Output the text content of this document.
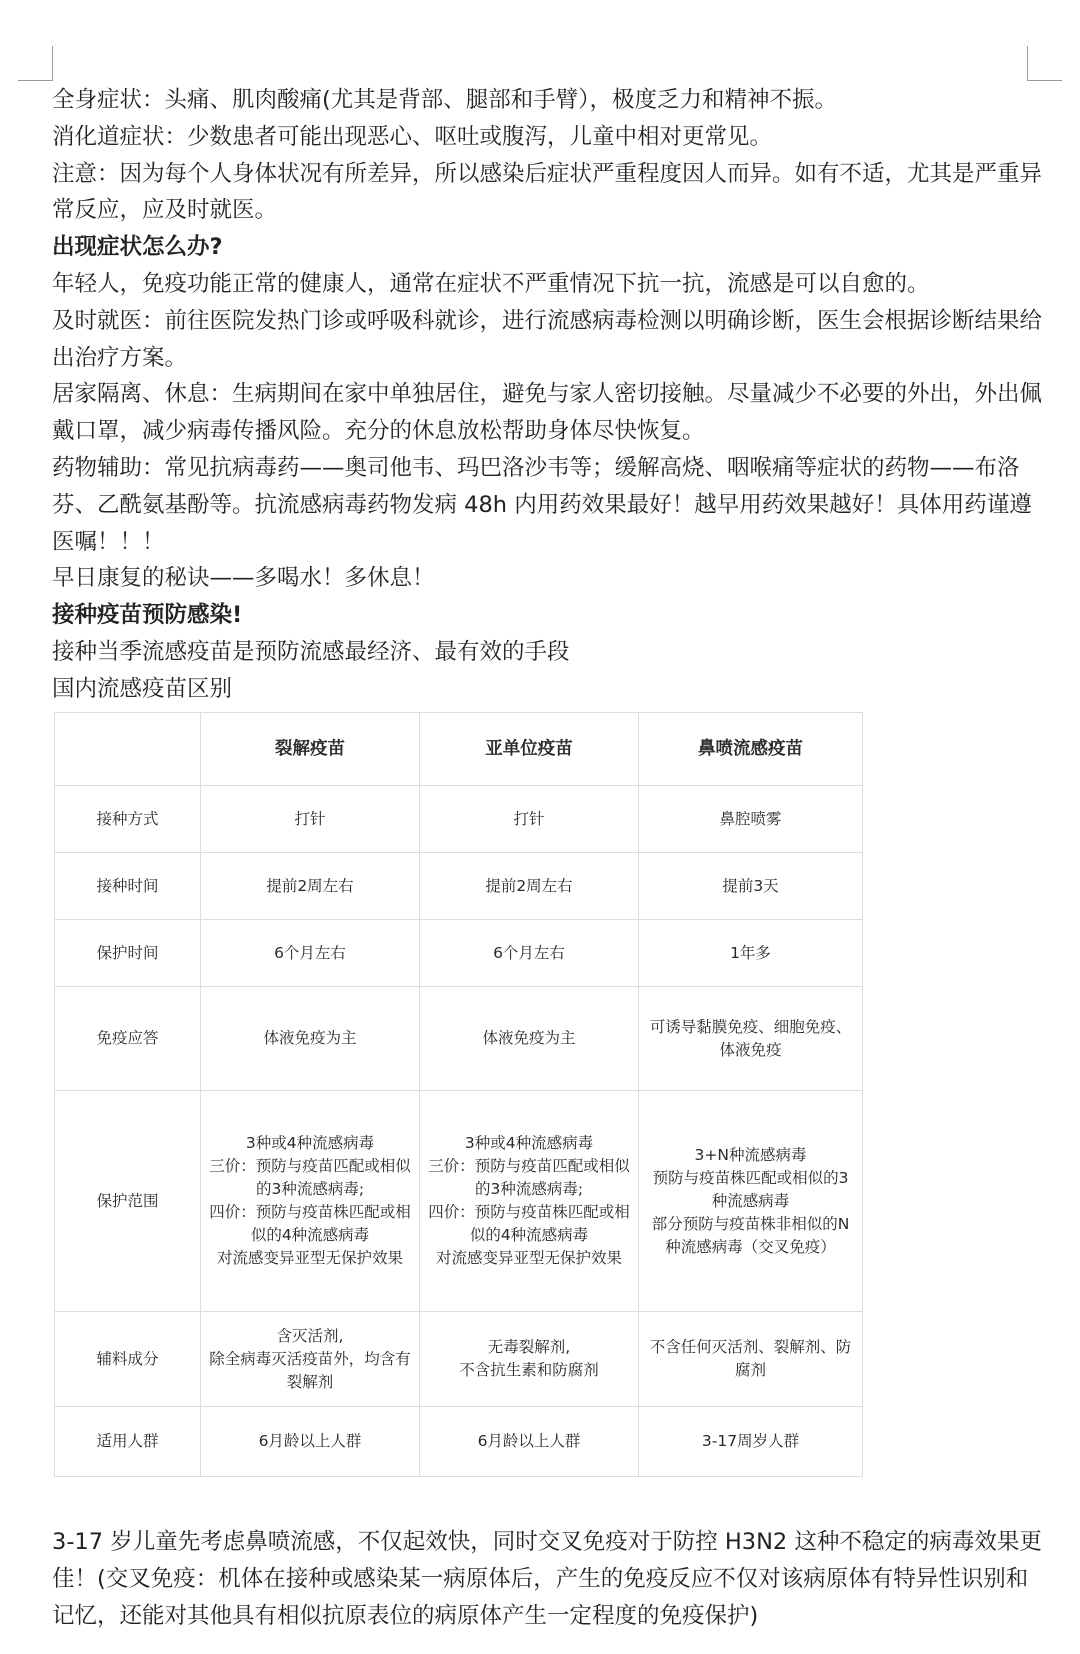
全身症状：头痛、肌肉酸痛(尤其是背部、腿部和手臂），极度乏力和精神不振。

消化道症状：少数患者可能出现恶心、呕吐或腹泻，儿童中相对更常见。

注意：因为每个人身体状况有所差异，所以感染后症状严重程度因人而异。如有不适，尤其是严重异常反应，应及时就医。

出现症状怎么办?

年轻人，免疫功能正常的健康人，通常在症状不严重情况下抗一抗，流感是可以自愈的。

及时就医：前往医院发热门诊或呼吸科就诊，进行流感病毒检测以明确诊断，医生会根据诊断结果给出治疗方案。

居家隔离、休息：生病期间在家中单独居住，避免与家人密切接触。尽量减少不必要的外出，外出佩戴口罩，减少病毒传播风险。充分的休息放松帮助身体尽快恢复。

药物辅助：常见抗病毒药——奥司他韦、玛巴洛沙韦等；缓解高烧、咽喉痛等症状的药物——布洛芬、乙酰氨基酚等。抗流感病毒药物发病 48h 内用药效果最好！越早用药效果越好！具体用药谨遵医嘱！！！

早日康复的秘诀——多喝水！多休息！

接种疫苗预防感染!

接种当季流感疫苗是预防流感最经济、最有效的手段

国内流感疫苗区别

	裂解疫苗	亚单位疫苗	鼻喷流感疫苗
接种方式	打针	打针	鼻腔喷雾
接种时间	提前2周左右	提前2周左右	提前3天
保护时间	6个月左右	6个月左右	1年多
免疫应答	体液免疫为主	体液免疫为主	可诱导黏膜免疫、细胞免疫、体液免疫
保护范围	3种或4种流感病毒
三价：预防与疫苗匹配或相似的3种流感病毒;
四价：预防与疫苗株匹配或相似的4种流感病毒
对流感变异亚型无保护效果	3种或4种流感病毒
三价：预防与疫苗匹配或相似的3种流感病毒;
四价：预防与疫苗株匹配或相似的4种流感病毒
对流感变异亚型无保护效果	3+N种流感病毒
预防与疫苗株匹配或相似的3种流感病毒
部分预防与疫苗株非相似的N种流感病毒（交叉免疫）
辅料成分	含灭活剂,
除全病毒灭活疫苗外，均含有裂解剂	无毒裂解剂,
不含抗生素和防腐剂	不含任何灭活剂、裂解剂、防腐剂
适用人群	6月龄以上人群	6月龄以上人群	3-17周岁人群

3-17 岁儿童先考虑鼻喷流感，不仅起效快，同时交叉免疫对于防控 H3N2 这种不稳定的病毒效果更佳！(交叉免疫：机体在接种或感染某一病原体后，产生的免疫反应不仅对该病原体有特异性识别和记忆，还能对其他具有相似抗原表位的病原体产生一定程度的免疫保护)
